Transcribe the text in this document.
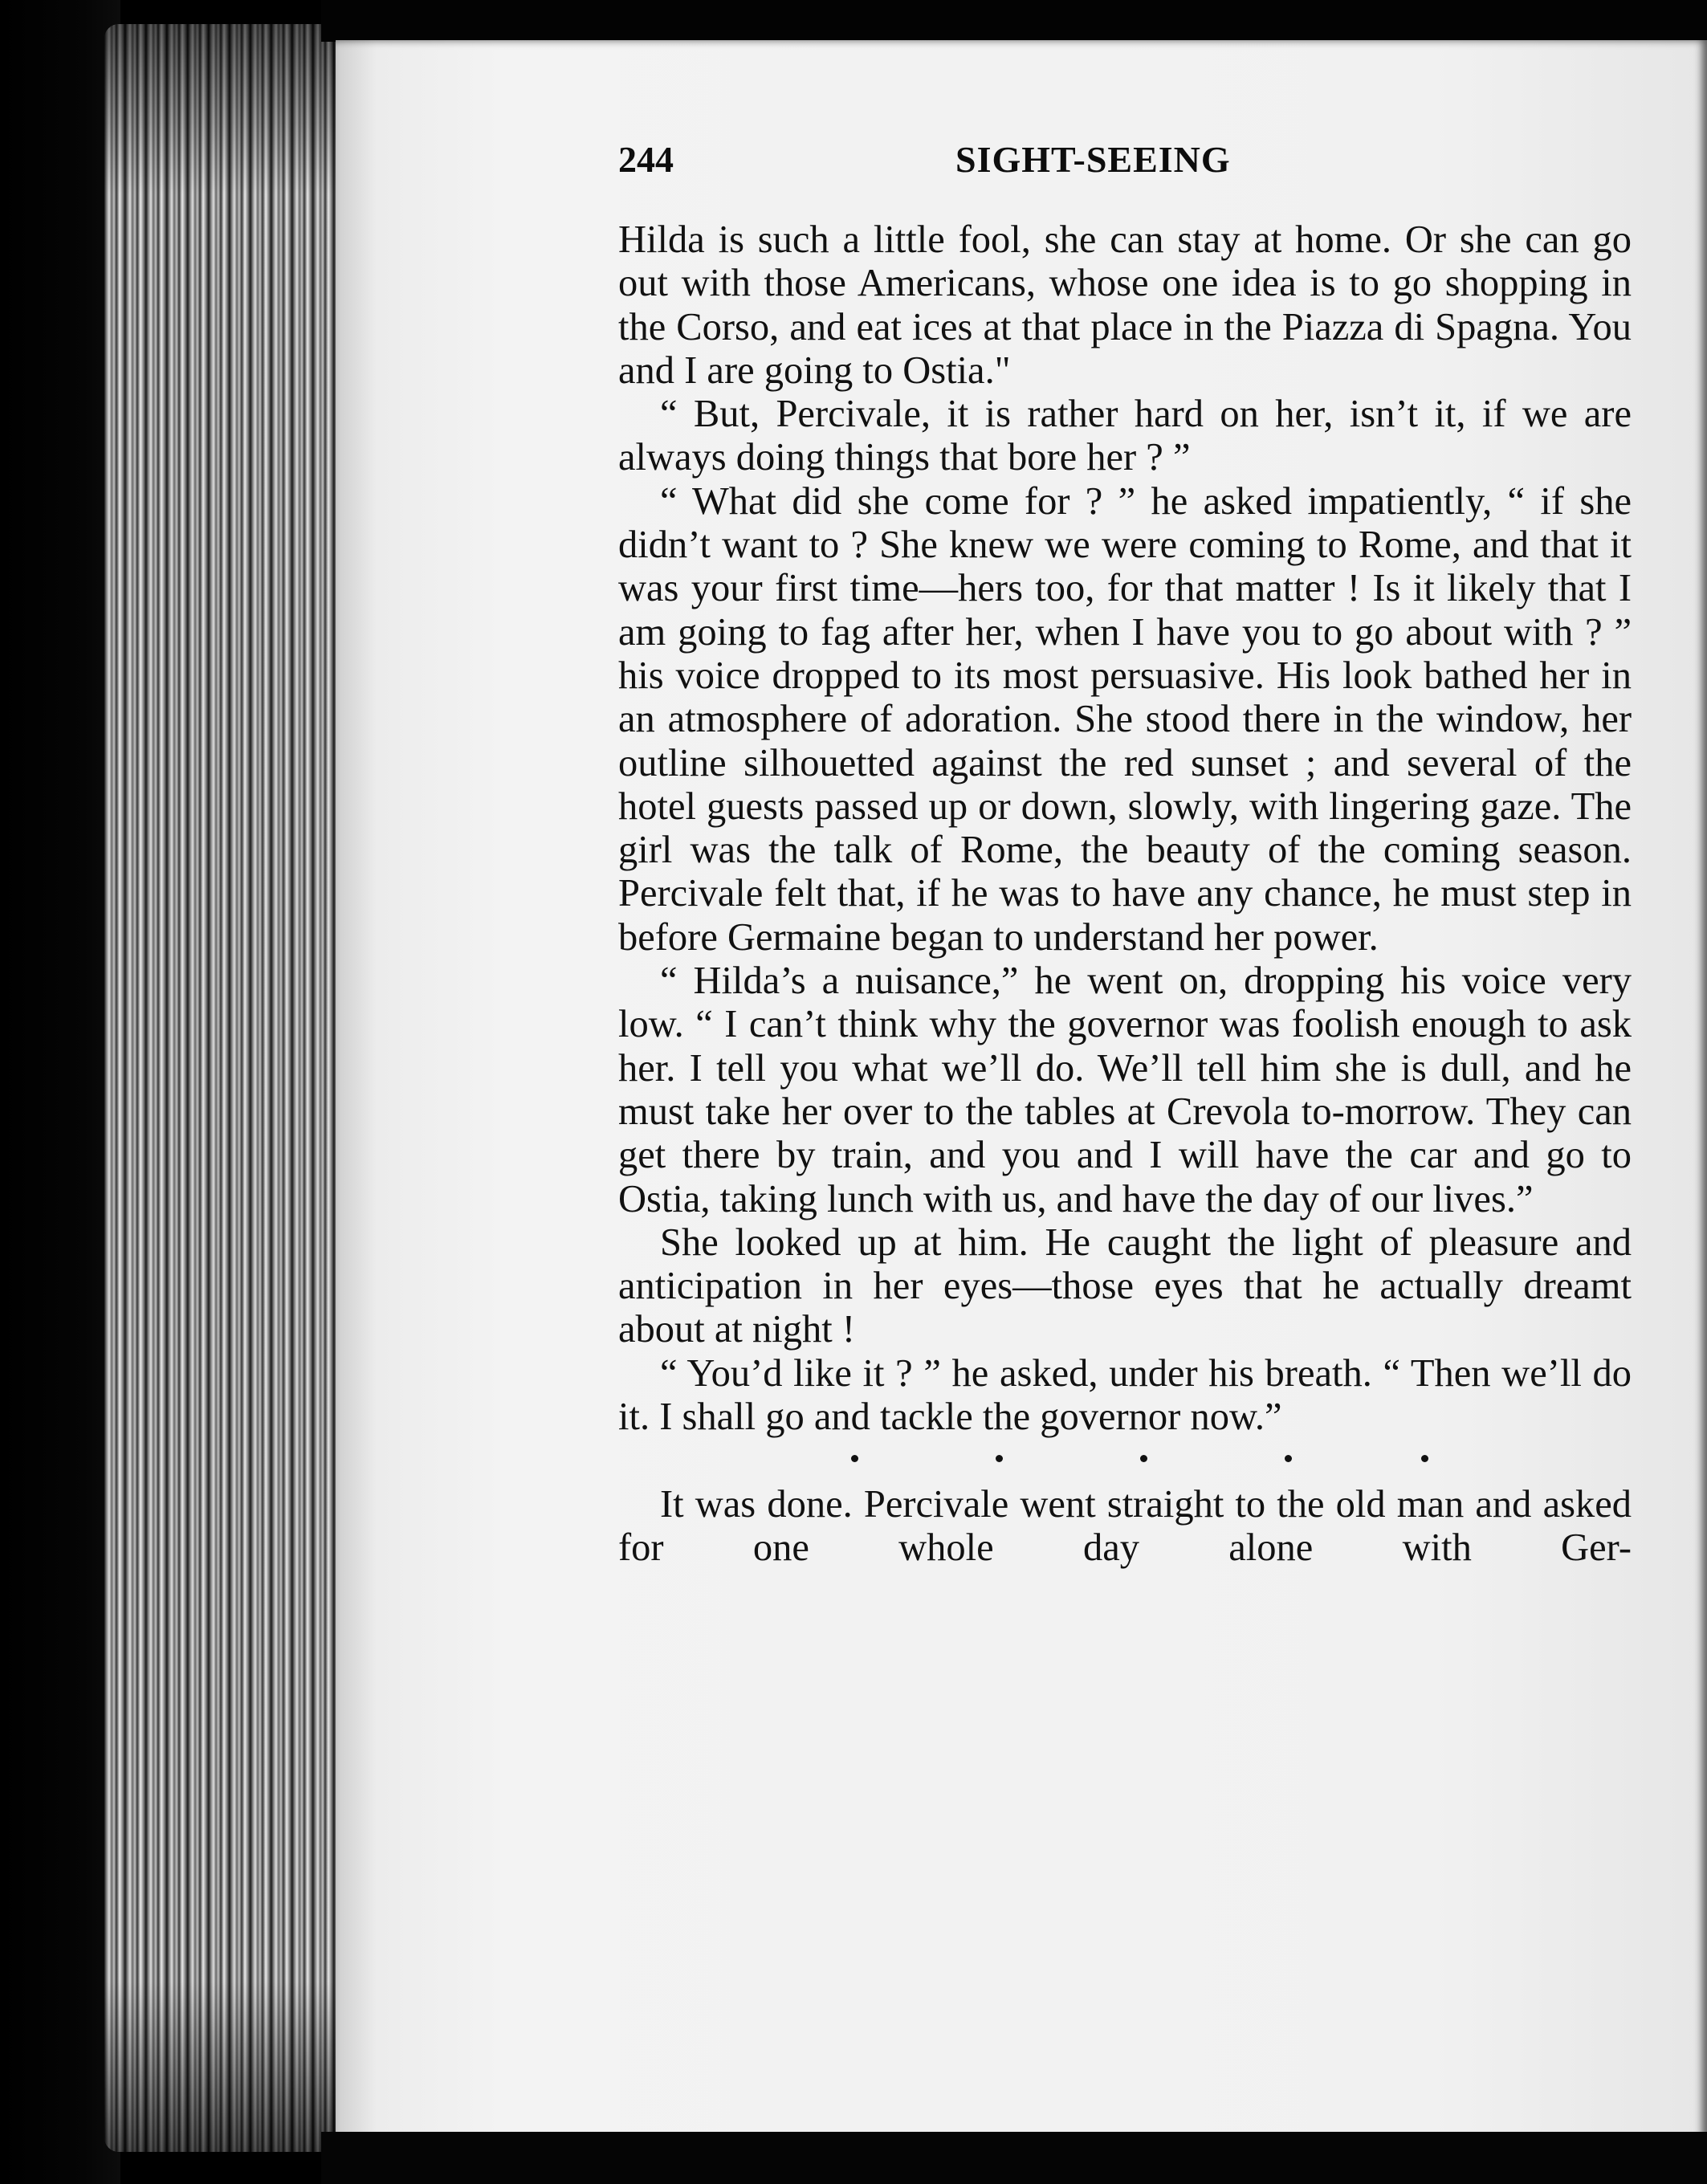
244	SIGHT-SEEING

Hilda is such a little fool, she can stay at home. Or she can go out with those Americans, whose one idea is to go shopping in the Corso, and eat ices at that place in the Piazza di Spagna. You and I are going to Ostia."

“ But, Percivale, it is rather hard on her, isn’t it, if we are always doing things that bore her ? ”

“ What did she come for ? ” he asked impatiently, “ if she didn’t want to ? She knew we were coming to Rome, and that it was your first time—hers too, for that matter ! Is it likely that I am going to fag after her, when I have you to go about with ? ” his voice dropped to its most persuasive. His look bathed her in an atmosphere of adoration. She stood there in the window, her outline silhouetted against the red sunset ; and several of the hotel guests passed up or down, slowly, with lingering gaze. The girl was the talk of Rome, the beauty of the coming season. Percivale felt that, if he was to have any chance, he must step in before Germaine began to understand her power.

“ Hilda’s a nuisance,” he went on, dropping his voice very low. “ I can’t think why the governor was foolish enough to ask her. I tell you what we’ll do. We’ll tell him she is dull, and he must take her over to the tables at Crevola to-morrow. They can get there by train, and you and I will have the car and go to Ostia, taking lunch with us, and have the day of our lives.”

She looked up at him. He caught the light of pleasure and anticipation in her eyes—those eyes that he actually dreamt about at night !

“ You’d like it ? ” he asked, under his breath. “ Then we’ll do it. I shall go and tackle the governor now.”

It was done. Percivale went straight to the old man and asked for one whole day alone with Ger-
